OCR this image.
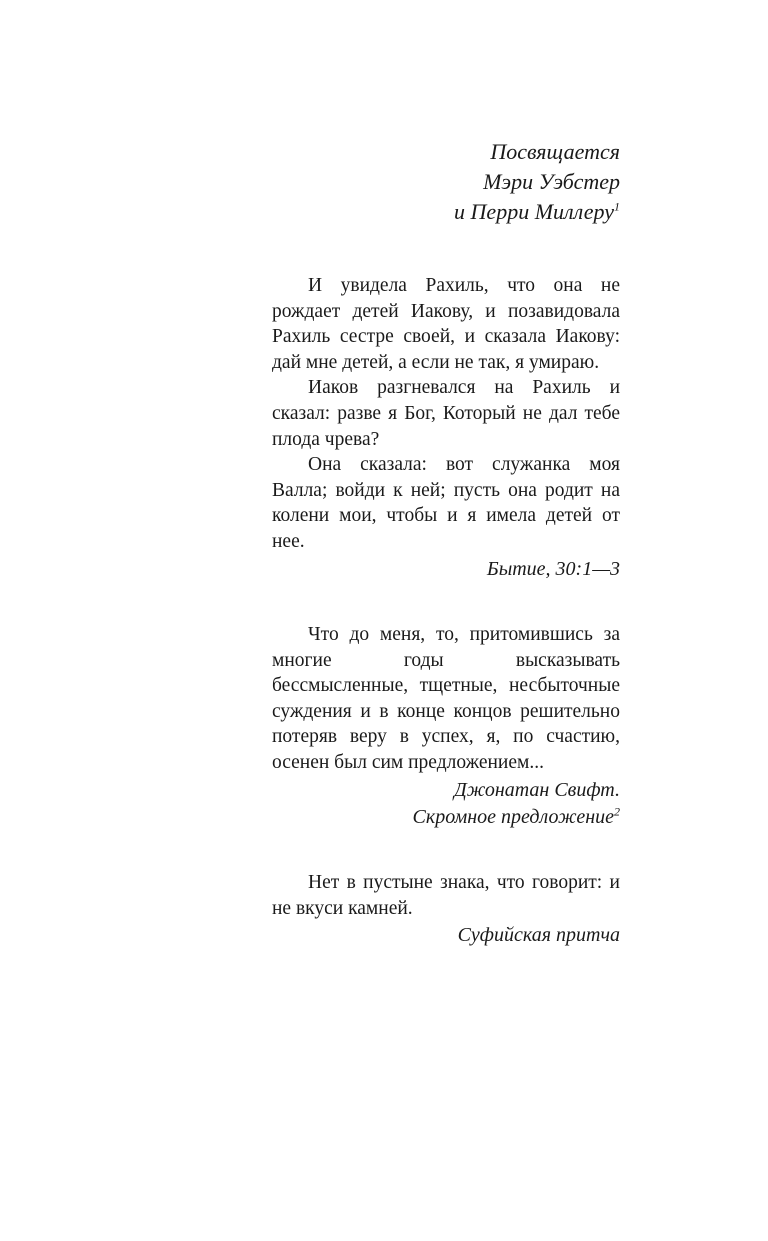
Посвящается
Мэри Уэбстер
и Перри Миллеру$^1$

И увидела Рахиль, что она не рождает детей Иакову, и позавидовала Рахиль сестре своей, и сказала Иакову: дай мне детей, а если не так, я умираю.

Иаков разгневался на Рахиль и сказал: разве я Бог, Который не дал тебе плода чрева?

Она сказала: вот служанка моя Валла; войди к ней; пусть она родит на колени мои, чтобы и я имела детей от нее.

Бытие, 30:1—3

Что до меня, то, притомившись за многие годы высказывать бессмысленные, тщетные, несбыточные суждения и в конце концов решительно потеряв веру в успех, я, по счастию, осенен был сим предложением...

Джонатан Свифт.
Скромное предложение$^2$

Нет в пустыне знака, что говорит: и не вкуси камней.

Суфийская притча
